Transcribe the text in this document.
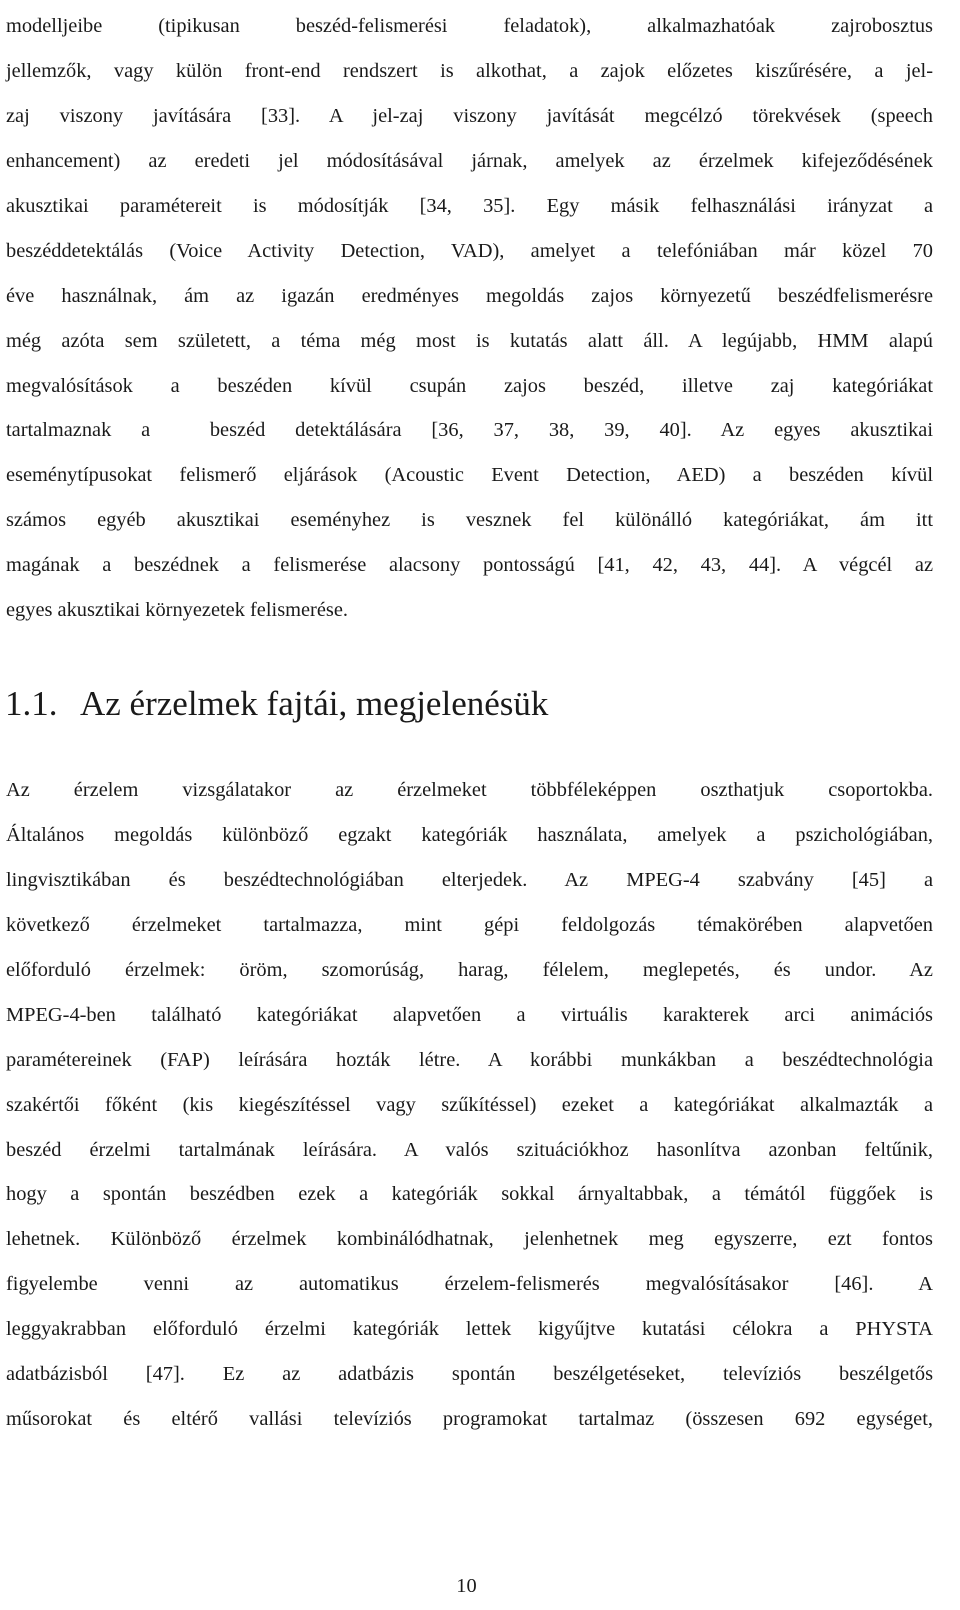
modelljeibe (tipikusan beszéd-felismerési feladatok), alkalmazhatóak zajrobosztus
jellemzők, vagy külön front-end rendszert is alkothat, a zajok előzetes kiszűrésére, a jel-
zaj viszony javítására [33]. A jel-zaj viszony javítását megcélzó törekvések (speech
enhancement) az eredeti jel módosításával járnak, amelyek az érzelmek kifejeződésének
akusztikai paramétereit is módosítják [34, 35]. Egy másik felhasználási irányzat a
beszéddetektálás (Voice Activity Detection, VAD), amelyet a telefóniában már közel 70
éve használnak, ám az igazán eredményes megoldás zajos környezetű beszédfelismerésre
még azóta sem született, a téma még most is kutatás alatt áll. A legújabb, HMM alapú
megvalósítások a beszéden kívül csupán zajos beszéd, illetve zaj kategóriákat
tartalmaznak a  beszéd detektálására [36, 37, 38, 39, 40]. Az egyes akusztikai
eseménytípusokat felismerő eljárások (Acoustic Event Detection, AED) a beszéden kívül
számos egyéb akusztikai eseményhez is vesznek fel különálló kategóriákat, ám itt
magának a beszédnek a felismerése alacsony pontosságú [41, 42, 43, 44]. A végcél az
egyes akusztikai környezetek felismerése.
1.1. Az érzelmek fajtái, megjelenésük
Az érzelem vizsgálatakor az érzelmeket többféleképpen oszthatjuk csoportokba.
Általános megoldás különböző egzakt kategóriák használata, amelyek a pszichológiában,
lingvisztikában és beszédtechnológiában elterjedek. Az MPEG-4 szabvány [45] a
következő érzelmeket tartalmazza, mint gépi feldolgozás témakörében alapvetően
előforduló érzelmek: öröm, szomorúság, harag, félelem, meglepetés, és undor. Az
MPEG-4-ben található kategóriákat alapvetően a virtuális karakterek arci animációs
paramétereinek (FAP) leírására hozták létre. A korábbi munkákban a beszédtechnológia
szakértői főként (kis kiegészítéssel vagy szűkítéssel) ezeket a kategóriákat alkalmazták a
beszéd érzelmi tartalmának leírására. A valós szituációkhoz hasonlítva azonban feltűnik,
hogy a spontán beszédben ezek a kategóriák sokkal árnyaltabbak, a témától függőek is
lehetnek. Különböző érzelmek kombinálódhatnak, jelenhetnek meg egyszerre, ezt fontos
figyelembe venni az automatikus érzelem-felismerés megvalósításakor [46]. A
leggyakrabban előforduló érzelmi kategóriák lettek kigyűjtve kutatási célokra a PHYSTA
adatbázisból [47]. Ez az adatbázis spontán beszélgetéseket, televíziós beszélgetős
műsorokat és eltérő vallási televíziós programokat tartalmaz (összesen 692 egységet,
10
